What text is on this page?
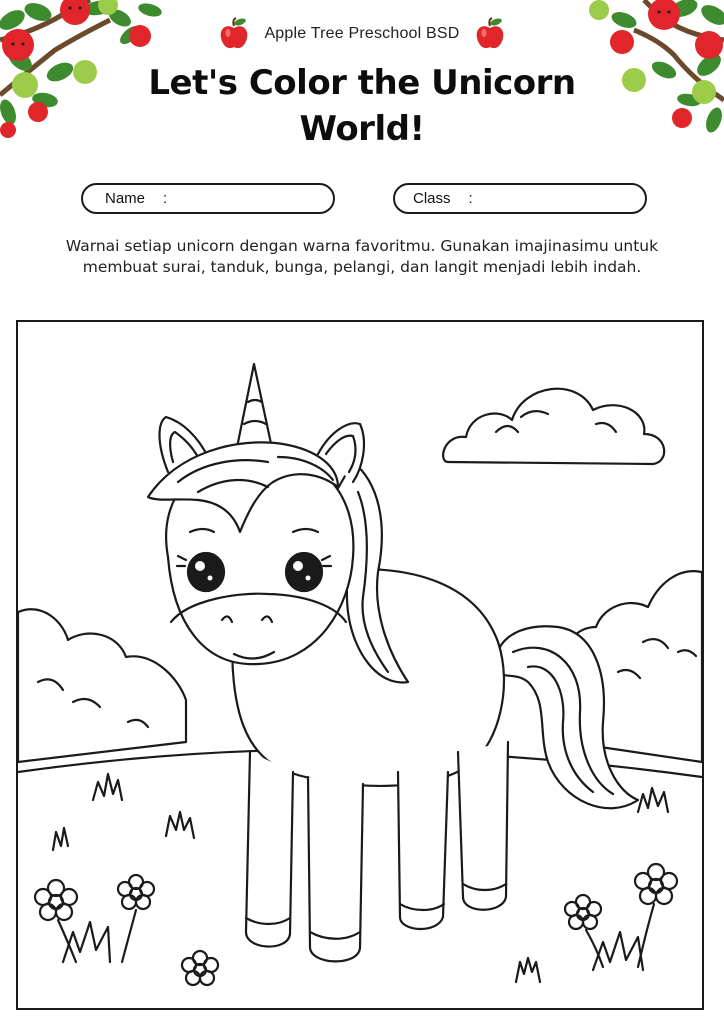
Apple Tree Preschool BSD
Let's Color the Unicorn
World!
Name :	Class :
Warnai setiap unicorn dengan warna favoritmu. Gunakan imajinasimu untuk
membuat surai, tanduk, bunga, pelangi, dan langit menjadi lebih indah.
